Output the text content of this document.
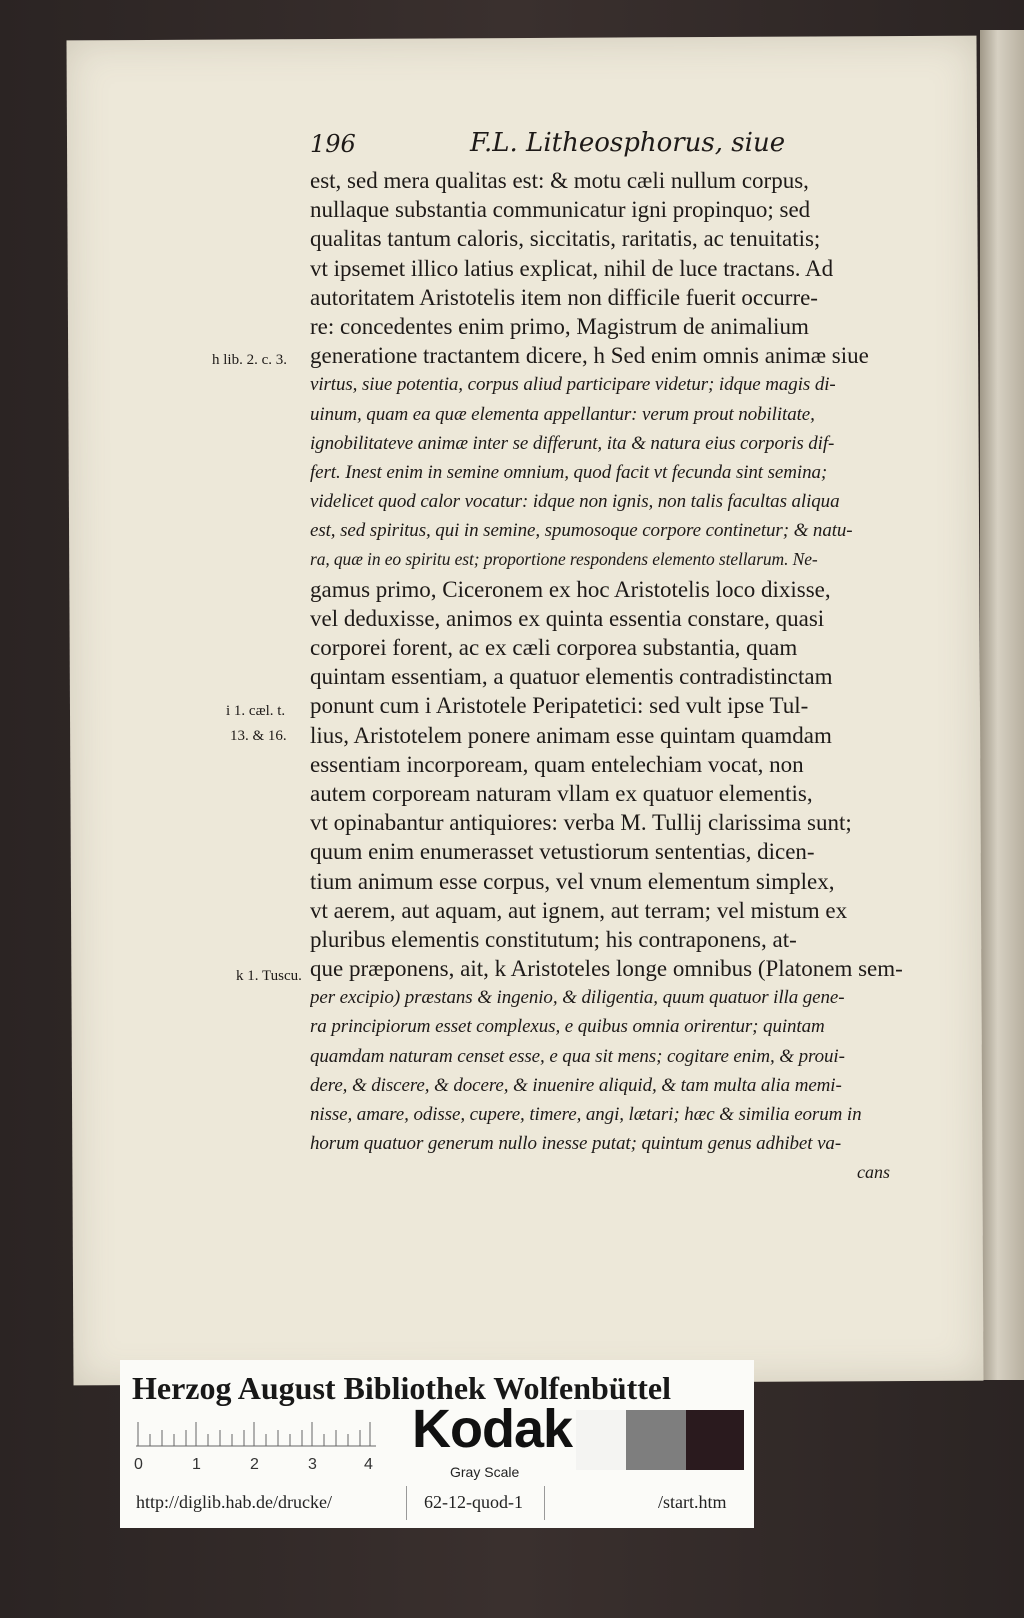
196	F.L. Litheosphorus, siue
est, sed mera qualitas est: & motu cæli nullum corpus,
nullaque substantia communicatur igni propinquo; sed
qualitas tantum caloris, siccitatis, raritatis, ac tenuitatis;
vt ipsemet illico latius explicat, nihil de luce tractans. Ad
autoritatem Aristotelis item non difficile fuerit occurre-
re: concedentes enim primo, Magistrum de animalium
generatione tractantem dicere, h Sed enim omnis animæ siue
virtus, siue potentia, corpus aliud participare videtur; idque magis di-
uinum, quam ea quæ elementa appellantur: verum prout nobilitate,
ignobilitateve animæ inter se differunt, ita & natura eius corporis dif-
fert. Inest enim in semine omnium, quod facit vt fecunda sint semina;
videlicet quod calor vocatur: idque non ignis, non talis facultas aliqua
est, sed spiritus, qui in semine, spumosoque corpore continetur; & natu-
ra, quæ in eo spiritu est; proportione respondens elemento stellarum. Ne-
gamus primo, Ciceronem ex hoc Aristotelis loco dixisse,
vel deduxisse, animos ex quinta essentia constare, quasi
corporei forent, ac ex cæli corporea substantia, quam
quintam essentiam, a quatuor elementis contradistinctam
ponunt cum i Aristotele Peripatetici: sed vult ipse Tul-
lius, Aristotelem ponere animam esse quintam quamdam
essentiam incorpoream, quam entelechiam vocat, non
autem corpoream naturam vllam ex quatuor elementis,
vt opinabantur antiquiores: verba M. Tullij clarissima sunt;
quum enim enumerasset vetustiorum sententias, dicen-
tium animum esse corpus, vel vnum elementum simplex,
vt aerem, aut aquam, aut ignem, aut terram; vel mistum ex
pluribus elementis constitutum; his contraponens, at-
que præponens, ait, k Aristoteles longe omnibus (Platonem sem-
per excipio) præstans & ingenio, & diligentia, quum quatuor illa gene-
ra principiorum esset complexus, e quibus omnia orirentur; quintam
quamdam naturam censet esse, e qua sit mens; cogitare enim, & proui-
dere, & discere, & docere, & inuenire aliquid, & tam multa alia memi-
nisse, amare, odisse, cupere, timere, angi, lætari; hæc & similia eorum in
horum quatuor generum nullo inesse putat; quintum genus adhibet va-
cans
h lib. 2. c. 3.
i 1. cæl. t.
13. & 16.
k 1. Tuscu.
Herzog August Bibliothek Wolfenbüttel
0	1	2	3	4
Kodak
Gray Scale
http://diglib.hab.de/drucke/	62-12-quod-1	/start.htm
